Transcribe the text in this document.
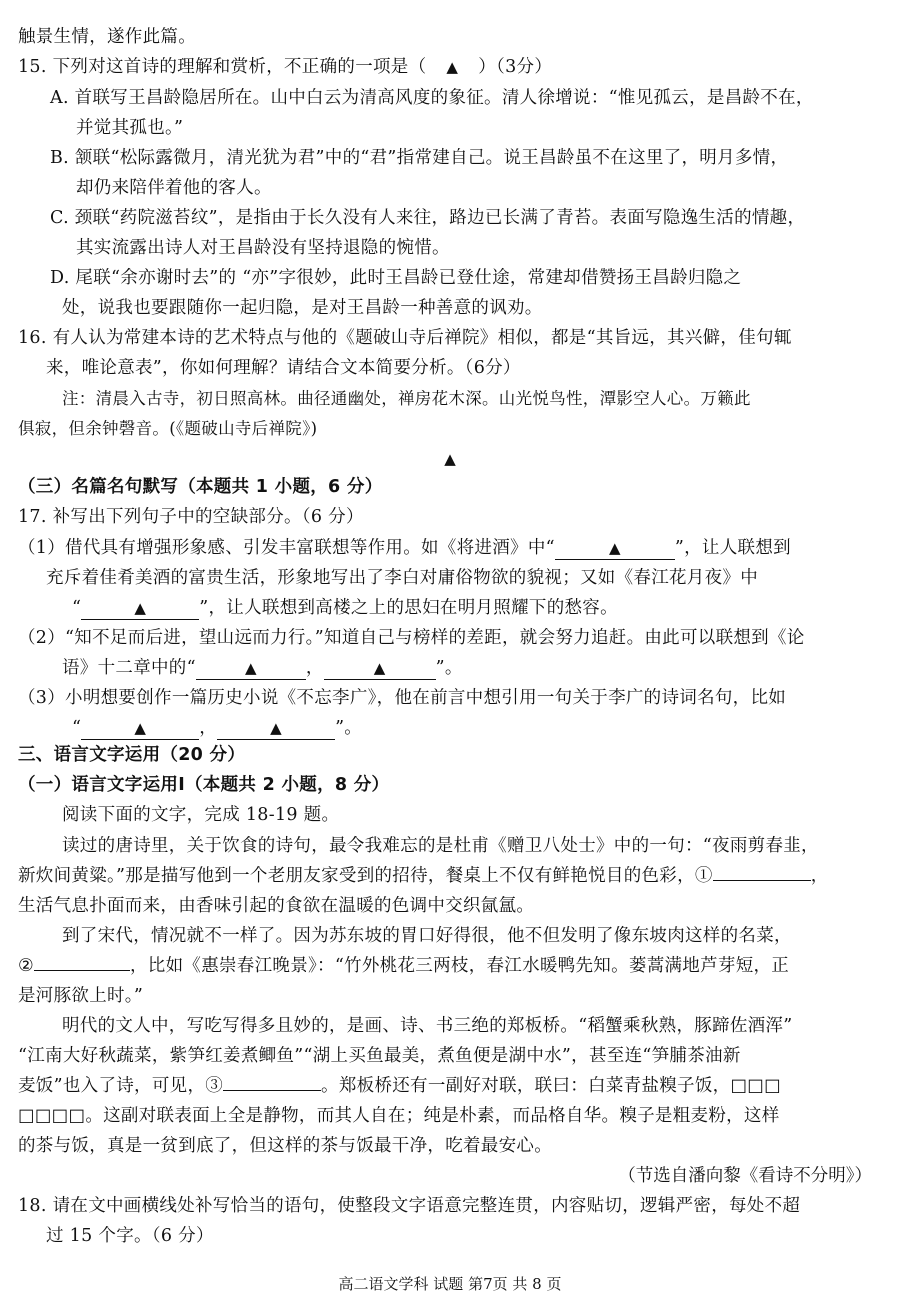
触景生情，遂作此篇。
15. 下列对这首诗的理解和赏析，不正确的一项是（ ▲ ）（3分）
A. 首联写王昌龄隐居所在。山中白云为清高风度的象征。清人徐增说：“惟见孤云，是昌龄不在，
并觉其孤也。”
B. 颔联“松际露微月，清光犹为君”中的“君”指常建自己。说王昌龄虽不在这里了，明月多情，
却仍来陪伴着他的客人。
C. 颈联“药院滋苔纹”，是指由于长久没有人来往，路边已长满了青苔。表面写隐逸生活的情趣，
其实流露出诗人对王昌龄没有坚持退隐的惋惜。
D. 尾联“余亦谢时去”的 “亦”字很妙，此时王昌龄已登仕途，常建却借赞扬王昌龄归隐之
处，说我也要跟随你一起归隐，是对王昌龄一种善意的讽劝。
16. 有人认为常建本诗的艺术特点与他的《题破山寺后禅院》相似，都是“其旨远，其兴僻，佳句辄
来，唯论意表”，你如何理解？请结合文本简要分析。（6分）
注：清晨入古寺，初日照高林。曲径通幽处，禅房花木深。山光悦鸟性，潭影空人心。万籁此
俱寂，但余钟磬音。(《题破山寺后禅院》)
▲
（三）名篇名句默写（本题共 1 小题，6 分）
17. 补写出下列句子中的空缺部分。（6 分）
（1）借代具有增强形象感、引发丰富联想等作用。如《将进酒》中“	▲	”，让人联想到
充斥着佳肴美酒的富贵生活，形象地写出了李白对庸俗物欲的貌视；又如《春江花月夜》中
“	▲	”，让人联想到高楼之上的思妇在明月照耀下的愁容。
（2）“知不足而后进，望山远而力行。”知道自己与榜样的差距，就会努力追赶。由此可以联想到《论
语》十二章中的“	▲	，	▲	”。
（3）小明想要创作一篇历史小说《不忘李广》，他在前言中想引用一句关于李广的诗词名句，比如
“	▲	，	▲	”。
三、语言文字运用（20 分）
（一）语言文字运用Ⅰ（本题共 2 小题，8 分）
阅读下面的文字，完成 18-19 题。
读过的唐诗里，关于饮食的诗句，最令我难忘的是杜甫《赠卫八处士》中的一句：“夜雨剪春韭，
新炊间黄粱。”那是描写他到一个老朋友家受到的招待，餐桌上不仅有鲜艳悦目的色彩，①	，
生活气息扑面而来，由香味引起的食欲在温暖的色调中交织氤氲。
到了宋代，情况就不一样了。因为苏东坡的胃口好得很，他不但发明了像东坡肉这样的名菜，
②	，比如《惠崇春江晚景》：“竹外桃花三两枝，春江水暖鸭先知。蒌蒿满地芦芽短，正
是河豚欲上时。”
明代的文人中，写吃写得多且妙的，是画、诗、书三绝的郑板桥。“稻蟹乘秋熟，豚蹄佐酒浑”
“江南大好秋蔬菜，紫笋红姜煮鲫鱼”“湖上买鱼最美，煮鱼便是湖中水”，甚至连“笋脯茶油新
麦饭”也入了诗，可见，③	。郑板桥还有一副好对联，联曰：白菜青盐糗子饭，□□□
□□□□。这副对联表面上全是静物，而其人自在；纯是朴素，而品格自华。糗子是粗麦粉，这样
的茶与饭，真是一贫到底了，但这样的茶与饭最干净，吃着最安心。
（节选自潘向黎《看诗不分明》）
18. 请在文中画横线处补写恰当的语句，使整段文字语意完整连贯，内容贴切，逻辑严密，每处不超
过 15 个字。（6 分）
高二语文学科 试题 第7页 共 8 页
